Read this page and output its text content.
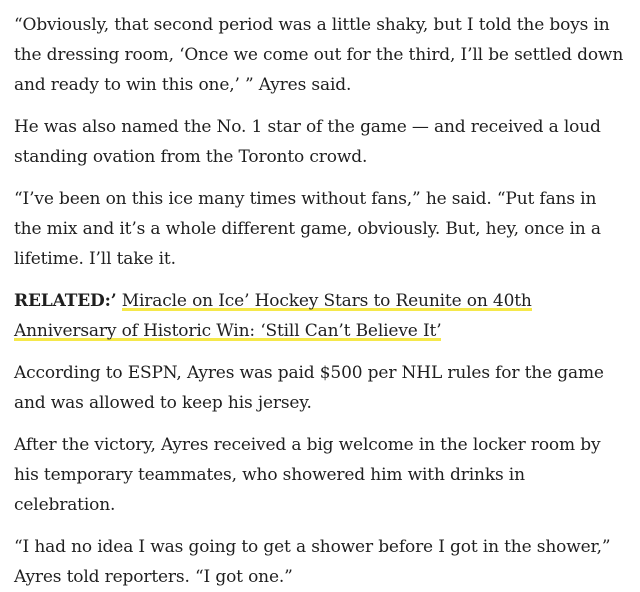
“Obviously, that second period was a little shaky, but I told the boys in the dressing room, ‘Once we come out for the third, I’ll be settled down and ready to win this one,’ ” Ayres said.

He was also named the No. 1 star of the game — and received a loud standing ovation from the Toronto crowd.

“I’ve been on this ice many times without fans,” he said. “Put fans in the mix and it’s a whole different game, obviously. But, hey, once in a lifetime. I’ll take it.

RELATED:’ Miracle on Ice’ Hockey Stars to Reunite on 40th Anniversary of Historic Win: ‘Still Can’t Believe It’

According to ESPN, Ayres was paid $500 per NHL rules for the game and was allowed to keep his jersey.

After the victory, Ayres received a big welcome in the locker room by his temporary teammates, who showered him with drinks in celebration.

“I had no idea I was going to get a shower before I got in the shower,” Ayres told reporters. “I got one.”
